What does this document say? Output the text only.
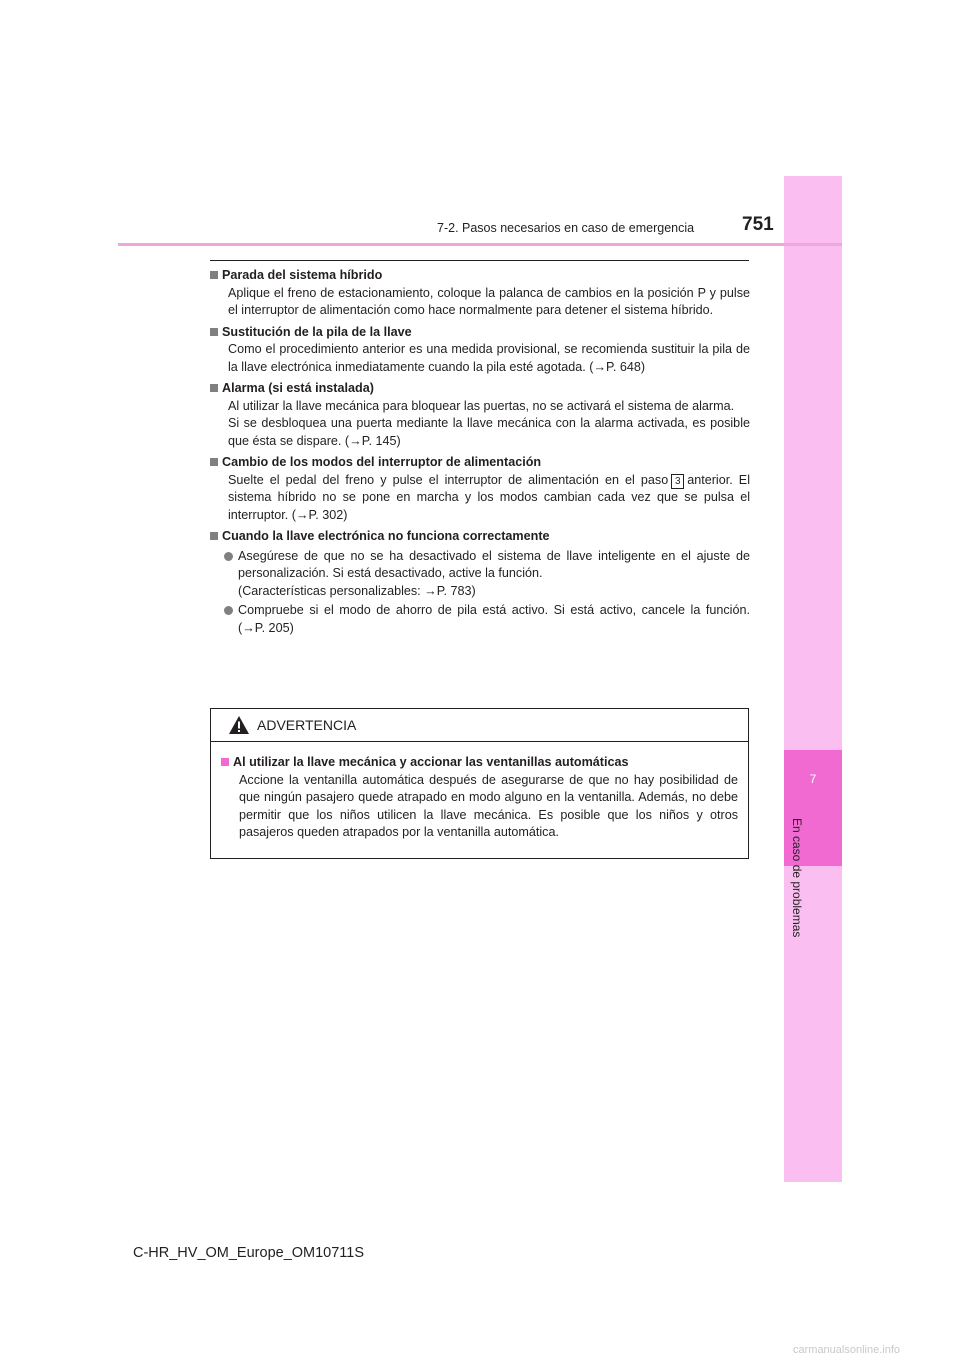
7
En caso de problemas
7-2. Pasos necesarios en caso de emergencia	751
Parada del sistema híbrido
Aplique el freno de estacionamiento, coloque la palanca de cambios en la posición P y pulse el interruptor de alimentación como hace normalmente para detener el sistema híbrido.
Sustitución de la pila de la llave
Como el procedimiento anterior es una medida provisional, se recomienda sustituir la pila de la llave electrónica inmediatamente cuando la pila esté agotada. (→P. 648)
Alarma (si está instalada)

Al utilizar la llave mecánica para bloquear las puertas, no se activará el sistema de alarma.

Si se desbloquea una puerta mediante la llave mecánica con la alarma activada, es posible que ésta se dispare. (→P. 145)

Cambio de los modos del interruptor de alimentación
Suelte el pedal del freno y pulse el interruptor de alimentación en el paso 3 anterior. El sistema híbrido no se pone en marcha y los modos cambian cada vez que se pulsa el interruptor. (→P. 302)
Cuando la llave electrónica no funciona correctamente
Asegúrese de que no se ha desactivado el sistema de llave inteligente en el ajuste de personalización. Si está desactivado, active la función.
(Características personalizables: →P. 783)
Compruebe si el modo de ahorro de pila está activo. Si está activo, cancele la función. (→P. 205)
ADVERTENCIA
Al utilizar la llave mecánica y accionar las ventanillas automáticas
Accione la ventanilla automática después de asegurarse de que no hay posibilidad de que ningún pasajero quede atrapado en modo alguno en la ventanilla. Además, no debe permitir que los niños utilicen la llave mecánica. Es posible que los niños y otros pasajeros queden atrapados por la ventanilla automática.
C-HR_HV_OM_Europe_OM10711S
carmanualsonline.info
